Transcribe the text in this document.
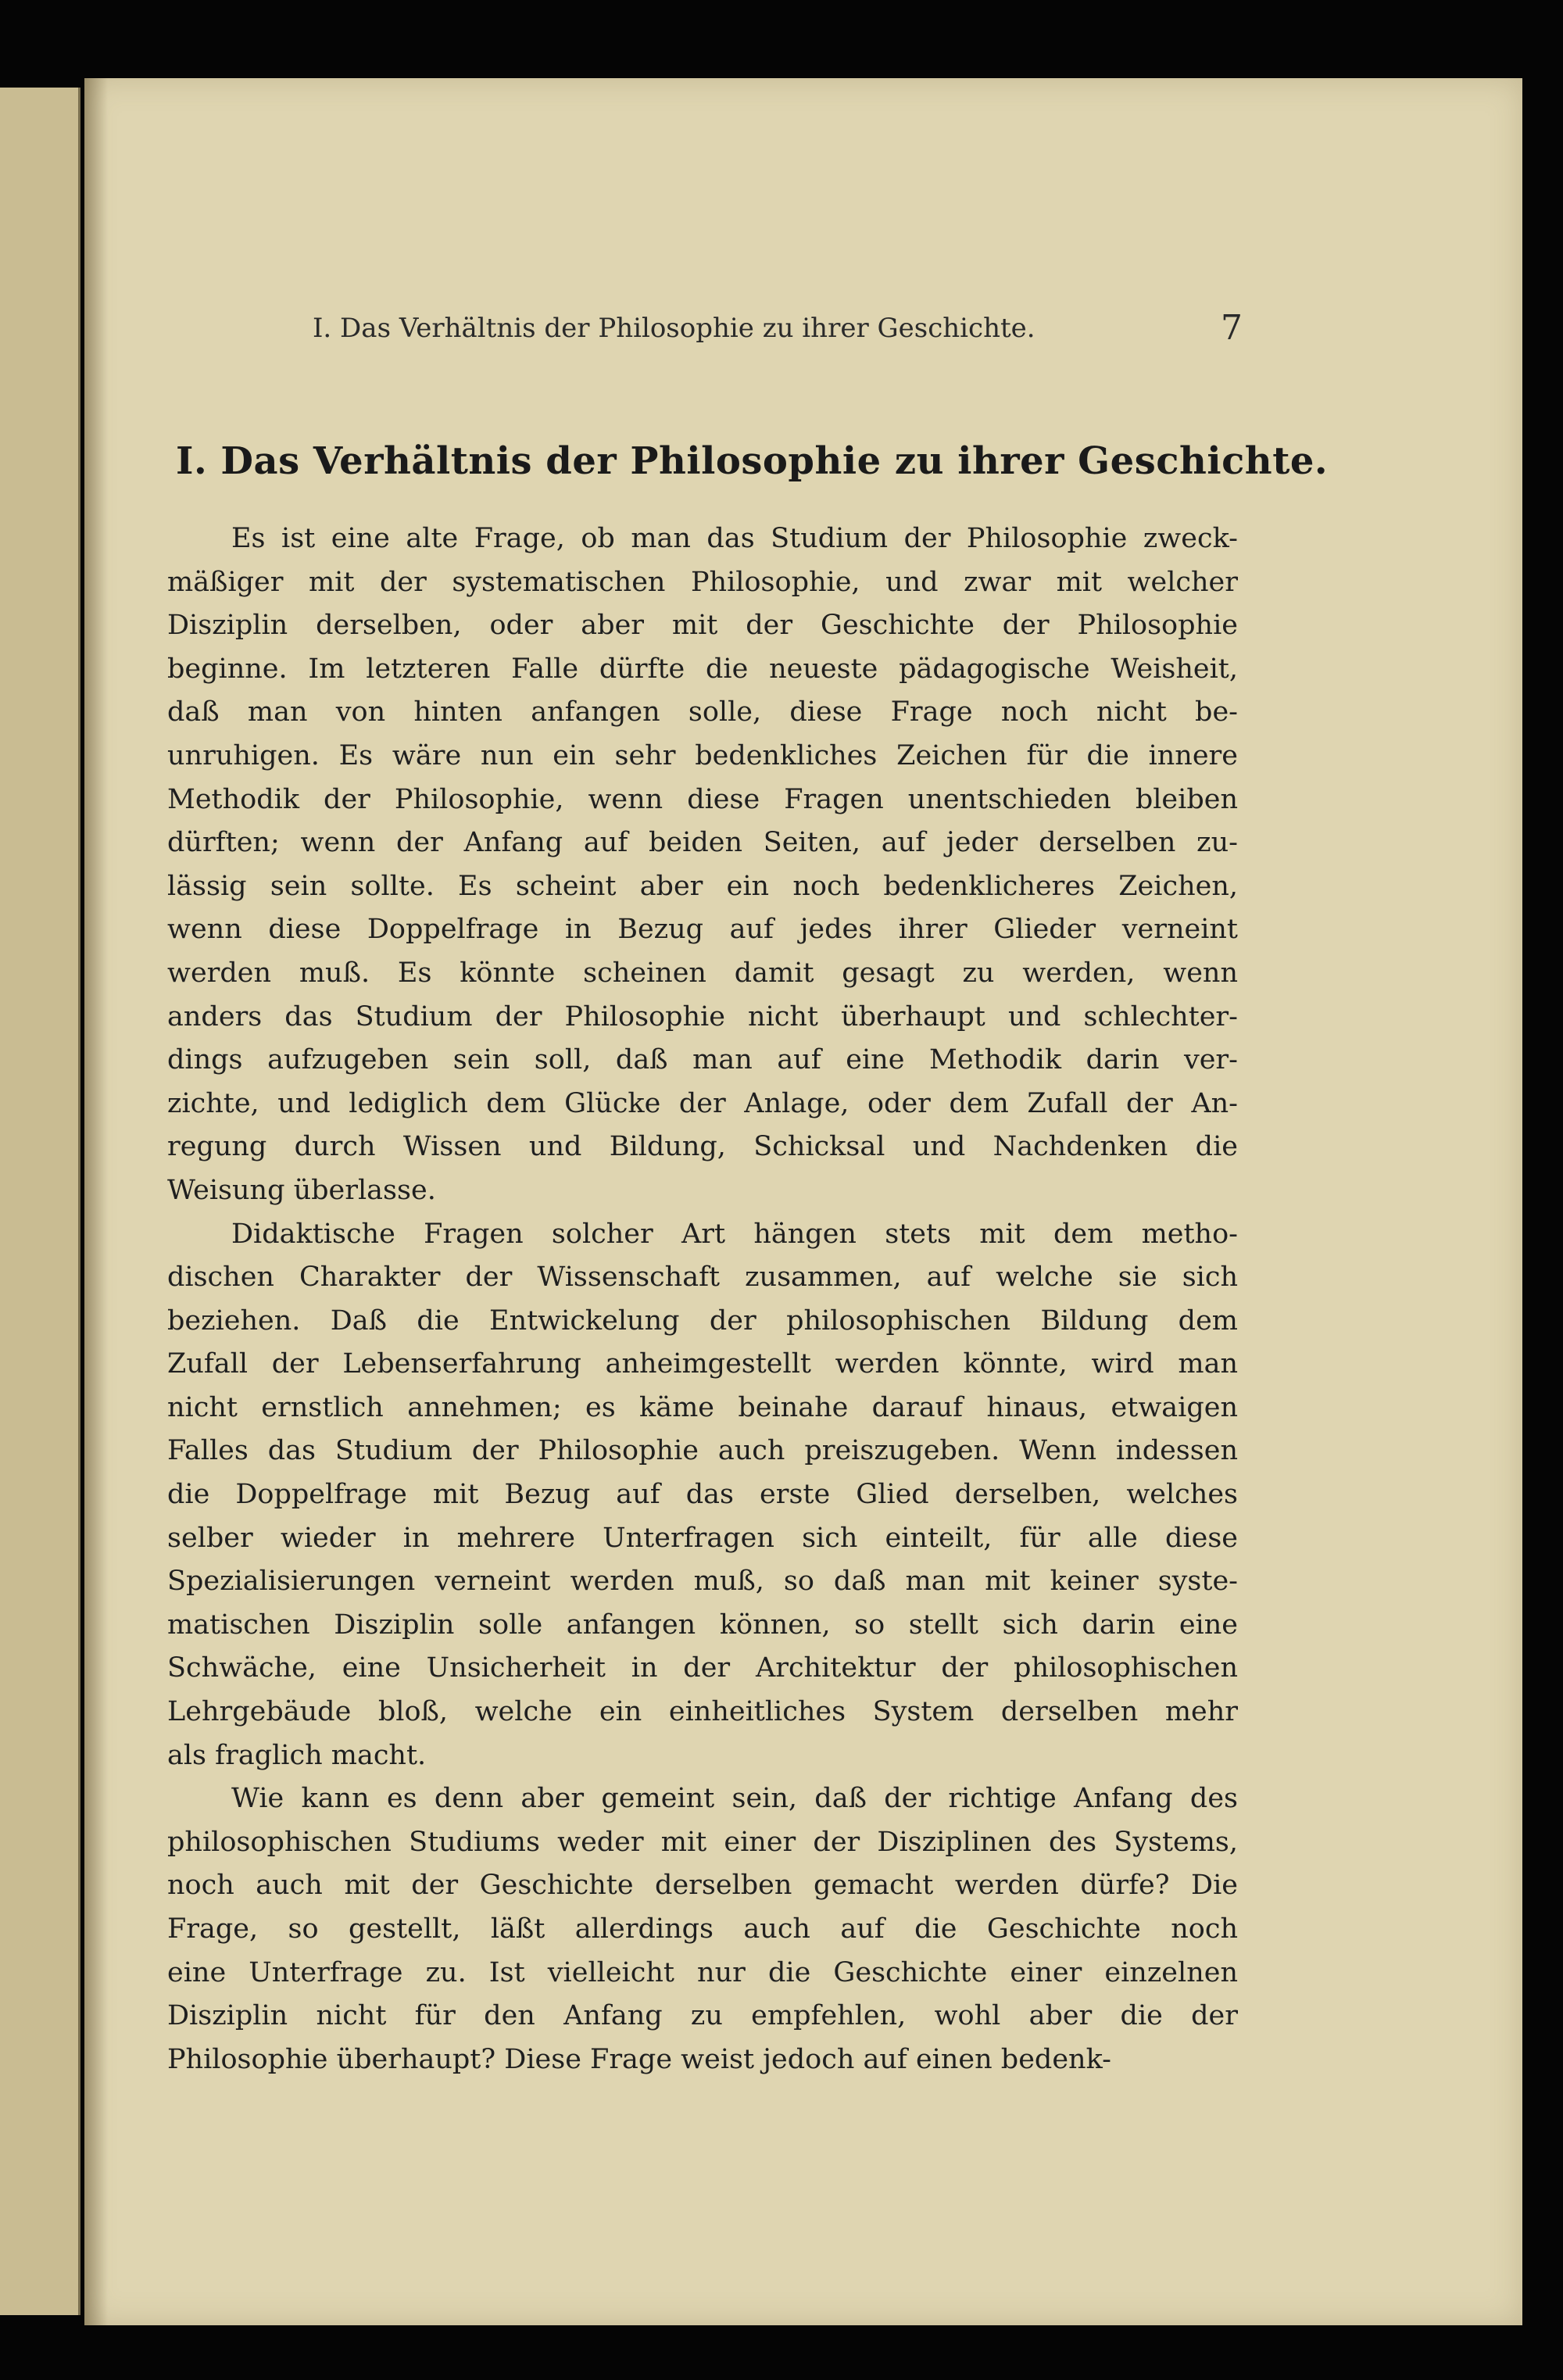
I. Das Verhältnis der Philosophie zu ihrer Geschichte.	7
I. Das Verhältnis der Philosophie zu ihrer Geschichte.
Es ist eine alte Frage, ob man das Studium der Philosophie zweck-
mäßiger mit der systematischen Philosophie, und zwar mit welcher
Disziplin derselben, oder aber mit der Geschichte der Philosophie
beginne. Im letzteren Falle dürfte die neueste pädagogische Weisheit,
daß man von hinten anfangen solle, diese Frage noch nicht be-
unruhigen. Es wäre nun ein sehr bedenkliches Zeichen für die innere
Methodik der Philosophie, wenn diese Fragen unentschieden bleiben
dürften; wenn der Anfang auf beiden Seiten, auf jeder derselben zu-
lässig sein sollte. Es scheint aber ein noch bedenklicheres Zeichen,
wenn diese Doppelfrage in Bezug auf jedes ihrer Glieder verneint
werden muß. Es könnte scheinen damit gesagt zu werden, wenn
anders das Studium der Philosophie nicht überhaupt und schlechter-
dings aufzugeben sein soll, daß man auf eine Methodik darin ver-
zichte, und lediglich dem Glücke der Anlage, oder dem Zufall der An-
regung durch Wissen und Bildung, Schicksal und Nachdenken die
Weisung überlasse.
Didaktische Fragen solcher Art hängen stets mit dem metho-
dischen Charakter der Wissenschaft zusammen, auf welche sie sich
beziehen. Daß die Entwickelung der philosophischen Bildung dem
Zufall der Lebenserfahrung anheimgestellt werden könnte, wird man
nicht ernstlich annehmen; es käme beinahe darauf hinaus, etwaigen
Falles das Studium der Philosophie auch preiszugeben. Wenn indessen
die Doppelfrage mit Bezug auf das erste Glied derselben, welches
selber wieder in mehrere Unterfragen sich einteilt, für alle diese
Spezialisierungen verneint werden muß, so daß man mit keiner syste-
matischen Disziplin solle anfangen können, so stellt sich darin eine
Schwäche, eine Unsicherheit in der Architektur der philosophischen
Lehrgebäude bloß, welche ein einheitliches System derselben mehr
als fraglich macht.
Wie kann es denn aber gemeint sein, daß der richtige Anfang des
philosophischen Studiums weder mit einer der Disziplinen des Systems,
noch auch mit der Geschichte derselben gemacht werden dürfe? Die
Frage, so gestellt, läßt allerdings auch auf die Geschichte noch
eine Unterfrage zu. Ist vielleicht nur die Geschichte einer einzelnen
Disziplin nicht für den Anfang zu empfehlen, wohl aber die der
Philosophie überhaupt? Diese Frage weist jedoch auf einen bedenk-
